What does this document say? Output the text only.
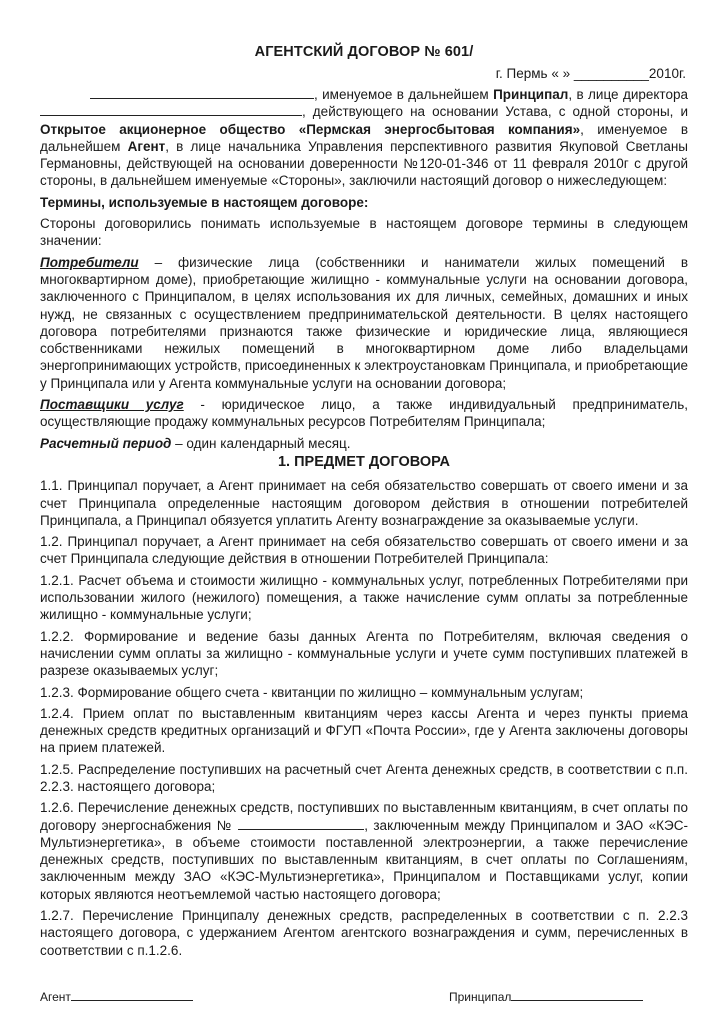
АГЕНТСКИЙ ДОГОВОР № 601/
г. Пермь « » __________2010г.

, именуемое в дальнейшем Принципал, в лице директора , действующего на основании Устава, с одной стороны, и Открытое акционерное общество «Пермская энергосбытовая компания», именуемое в дальнейшем Агент, в лице начальника Управления перспективного развития Якуповой Светланы Германовны, действующей на основании доверенности №120-01-346 от 11 февраля 2010г с другой стороны, в дальнейшем именуемые «Стороны», заключили настоящий договор о нижеследующем:

Термины, используемые в настоящем договоре:

Стороны договорились понимать используемые в настоящем договоре термины в следующем значении:

Потребители – физические лица (собственники и наниматели жилых помещений в многоквартирном доме), приобретающие жилищно - коммунальные услуги на основании договора, заключенного с Принципалом, в целях использования их для личных, семейных, домашних и иных нужд, не связанных с осуществлением предпринимательской деятельности. В целях настоящего договора потребителями признаются также физические и юридические лица, являющиеся собственниками нежилых помещений в многоквартирном доме либо владельцами энергопринимающих устройств, присоединенных к электроустановкам Принципала, и приобретающие у Принципала или у Агента коммунальные услуги на основании договора;

Поставщики услуг - юридическое лицо, а также индивидуальный предприниматель, осуществляющие продажу коммунальных ресурсов Потребителям Принципала;

Расчетный период – один календарный месяц.

1. ПРЕДМЕТ ДОГОВОРА

1.1. Принципал поручает, а Агент принимает на себя обязательство совершать от своего имени и за счет Принципала определенные настоящим договором действия в отношении потребителей Принципала, а Принципал обязуется уплатить Агенту вознаграждение за оказываемые услуги.

1.2. Принципал поручает, а Агент принимает на себя обязательство совершать от своего имени и за счет Принципала следующие действия в отношении Потребителей Принципала:

1.2.1. Расчет объема и стоимости жилищно - коммунальных услуг, потребленных Потребителями при использовании жилого (нежилого) помещения, а также начисление сумм оплаты за потребленные жилищно - коммунальные услуги;

1.2.2. Формирование и ведение базы данных Агента по Потребителям, включая сведения о начислении сумм оплаты за жилищно - коммунальные услуги и учете сумм поступивших платежей в разрезе оказываемых услуг;

1.2.3. Формирование общего счета - квитанции по жилищно – коммунальным услугам;

1.2.4. Прием оплат по выставленным квитанциям через кассы Агента и через пункты приема денежных средств кредитных организаций и ФГУП «Почта России», где у Агента заключены договоры на прием платежей.

1.2.5. Распределение поступивших на расчетный счет Агента денежных средств, в соответствии с п.п. 2.2.3. настоящего договора;

1.2.6. Перечисление денежных средств, поступивших по выставленным квитанциям, в счет оплаты по договору энергоснабжения №	, заключенным между Принципалом и ЗАО «КЭС-Мультиэнергетика», в объеме стоимости поставленной электроэнергии, а также перечисление денежных средств, поступивших по выставленным квитанциям, в счет оплаты по Соглашениям, заключенным между ЗАО «КЭС-Мультиэнергетика», Принципалом и Поставщиками услуг, копии которых являются неотъемлемой частью настоящего договора;

1.2.7. Перечисление Принципалу денежных средств, распределенных в соответствии с п. 2.2.3 настоящего договора, с удержанием Агентом агентского вознаграждения и сумм, перечисленных в соответствии с п.1.2.6.

Агент	Принципал
